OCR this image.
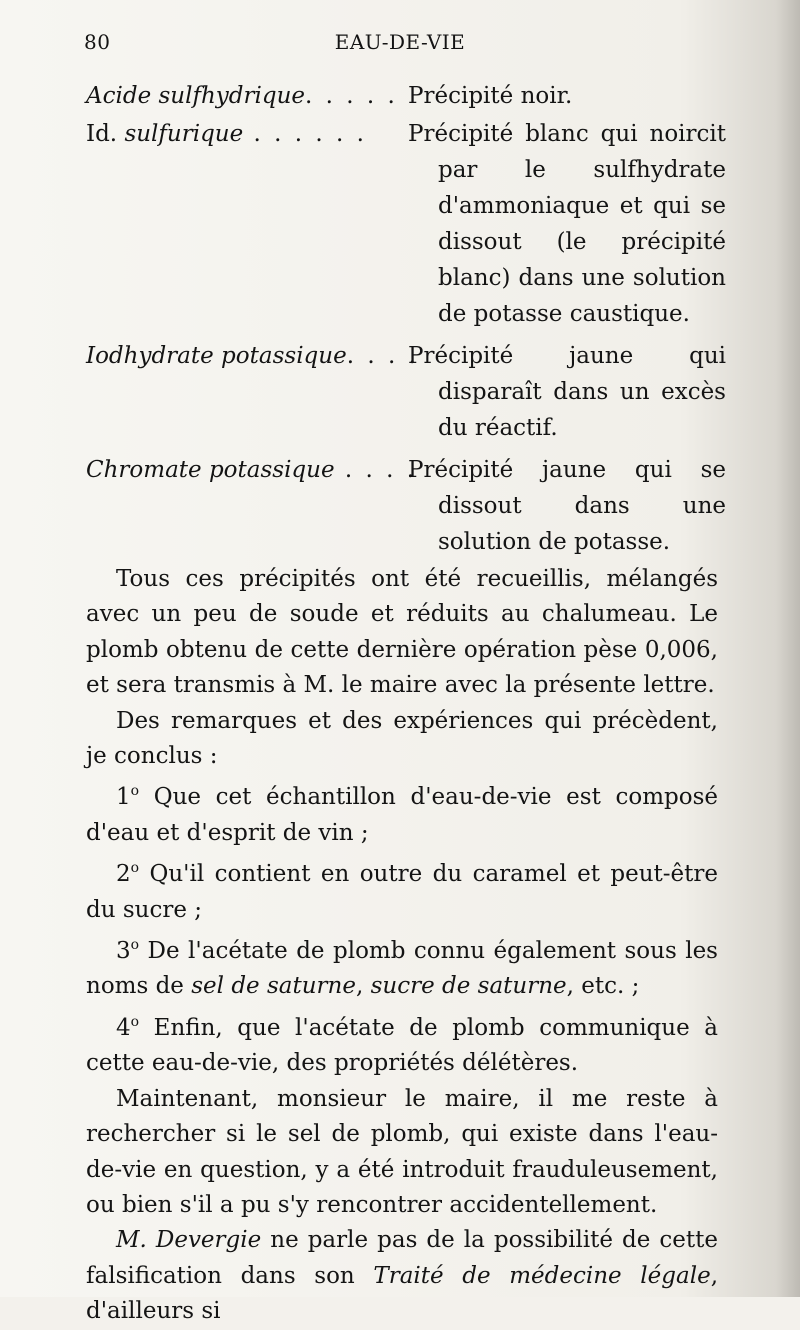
80	EAU-DE-VIE
Acide sulfhydrique. . . . . Précipité noir.
Id. sulfurique . . . . . .	Précipité blanc qui noircit par le sulfhydrate d'ammoniaque et qui se dissout (le précipité blanc) dans une solution de potasse caustique.
Iodhydrate potassique. . . .
Précipité jaune qui disparaît dans un excès du réactif.
Chromate potassique . . . .
Précipité jaune qui se dissout dans une solution de potasse.

Tous ces précipités ont été recueillis, mélangés avec un peu de soude et réduits au chalumeau. Le plomb obtenu de cette dernière opération pèse 0,006, et sera transmis à M. le maire avec la présente lettre.

Des remarques et des expériences qui précèdent, je conclus :

1$^o$ Que cet échantillon d'eau-de-vie est composé d'eau et d'esprit de vin ;

2$^o$ Qu'il contient en outre du caramel et peut-être du sucre ;

3$^o$ De l'acétate de plomb connu également sous les noms de sel de saturne, sucre de saturne, etc. ;

4$^o$ Enfin, que l'acétate de plomb communique à cette eau-de-vie, des propriétés délétères.

Maintenant, monsieur le maire, il me reste à rechercher si le sel de plomb, qui existe dans l'eau-de-vie en question, y a été introduit frauduleusement, ou bien s'il a pu s'y rencontrer accidentellement.

M. Devergie ne parle pas de la possibilité de cette falsification dans son Traité de médecine légale, d'ailleurs si
